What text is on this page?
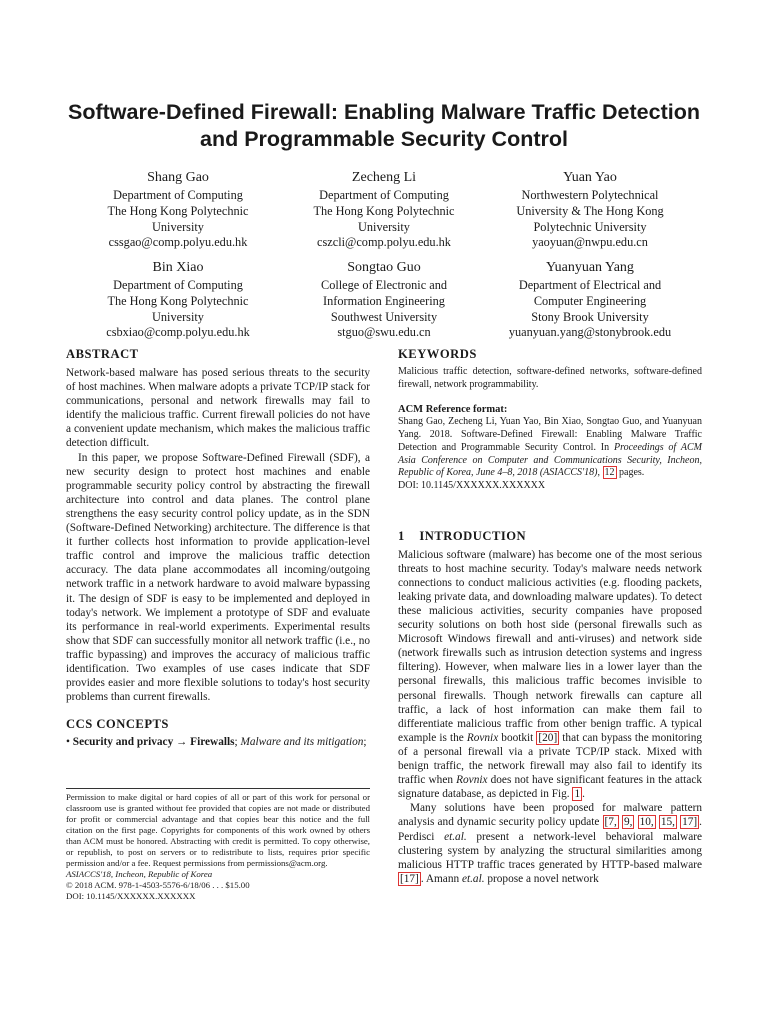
Software-Defined Firewall: Enabling Malware Traffic Detection
and Programmable Security Control
Shang Gao
Department of Computing
The Hong Kong Polytechnic
University
cssgao@comp.polyu.edu.hk
Zecheng Li
Department of Computing
The Hong Kong Polytechnic
University
cszcli@comp.polyu.edu.hk
Yuan Yao
Northwestern Polytechnical
University & The Hong Kong
Polytechnic University
yaoyuan@nwpu.edu.cn
Bin Xiao
Department of Computing
The Hong Kong Polytechnic
University
csbxiao@comp.polyu.edu.hk
Songtao Guo
College of Electronic and
Information Engineering
Southwest University
stguo@swu.edu.cn
Yuanyuan Yang
Department of Electrical and
Computer Engineering
Stony Brook University
yuanyuan.yang@stonybrook.edu
ABSTRACT

Network-based malware has posed serious threats to the security of host machines. When malware adopts a private TCP/IP stack for communications, personal and network firewalls may fail to identify the malicious traffic. Current firewall policies do not have a convenient update mechanism, which makes the malicious traffic detection difficult.

In this paper, we propose Software-Defined Firewall (SDF), a new security design to protect host machines and enable programmable security policy control by abstracting the firewall architecture into control and data planes. The control plane strengthens the easy security control policy update, as in the SDN (Software-Defined Networking) architecture. The difference is that it further collects host information to provide application-level traffic control and improve the malicious traffic detection accuracy. The data plane accommodates all incoming/outgoing network traffic in a network hardware to avoid malware bypassing it. The design of SDF is easy to be implemented and deployed in today's network. We implement a prototype of SDF and evaluate its performance in real-world experiments. Experimental results show that SDF can successfully monitor all network traffic (i.e., no traffic bypassing) and improves the accuracy of malicious traffic identification. Two examples of use cases indicate that SDF provides easier and more flexible solutions to today's host security problems than current firewalls.

CCS CONCEPTS

• Security and privacy → Firewalls; Malware and its mitigation;

Permission to make digital or hard copies of all or part of this work for personal or classroom use is granted without fee provided that copies are not made or distributed for profit or commercial advantage and that copies bear this notice and the full citation on the first page. Copyrights for components of this work owned by others than ACM must be honored. Abstracting with credit is permitted. To copy otherwise, or republish, to post on servers or to redistribute to lists, requires prior specific permission and/or a fee. Request permissions from permissions@acm.org.

ASIACCS'18, Incheon, Republic of Korea

© 2018 ACM. 978-1-4503-5576-6/18/06 . . . $15.00

DOI: 10.1145/XXXXXX.XXXXXX

KEYWORDS

Malicious traffic detection, software-defined networks, software-defined firewall, network programmability.

ACM Reference format:

Shang Gao, Zecheng Li, Yuan Yao, Bin Xiao, Songtao Guo, and Yuanyuan Yang. 2018. Software-Defined Firewall: Enabling Malware Traffic Detection and Programmable Security Control. In Proceedings of ACM Asia Conference on Computer and Communications Security, Incheon, Republic of Korea, June 4–8, 2018 (ASIACCS'18), 12 pages.

DOI: 10.1145/XXXXXX.XXXXXX

1    INTRODUCTION

Malicious software (malware) has become one of the most serious threats to host machine security. Today's malware needs network connections to conduct malicious activities (e.g. flooding packets, leaking private data, and downloading malware updates). To detect these malicious activities, security companies have proposed security solutions on both host side (personal firewalls such as Microsoft Windows firewall and anti-viruses) and network side (network firewalls such as intrusion detection systems and ingress filtering). However, when malware lies in a lower layer than the personal firewalls, this malicious traffic becomes invisible to personal firewalls. Though network firewalls can capture all traffic, a lack of host information can make them fail to differentiate malicious traffic from other benign traffic. A typical example is the Rovnix bootkit [20] that can bypass the monitoring of a personal firewall via a private TCP/IP stack. Mixed with benign traffic, the network firewall may also fail to identify its traffic when Rovnix does not have significant features in the attack signature database, as depicted in Fig. 1 .

Many solutions have been proposed for malware pattern analysis and dynamic security policy update [7, 9, 10, 15, 17] . Perdisci et.al. present a network-level behavioral malware clustering system by analyzing the structural similarities among malicious HTTP traffic traces generated by HTTP-based malware [17] . Amann et.al. propose a novel network
